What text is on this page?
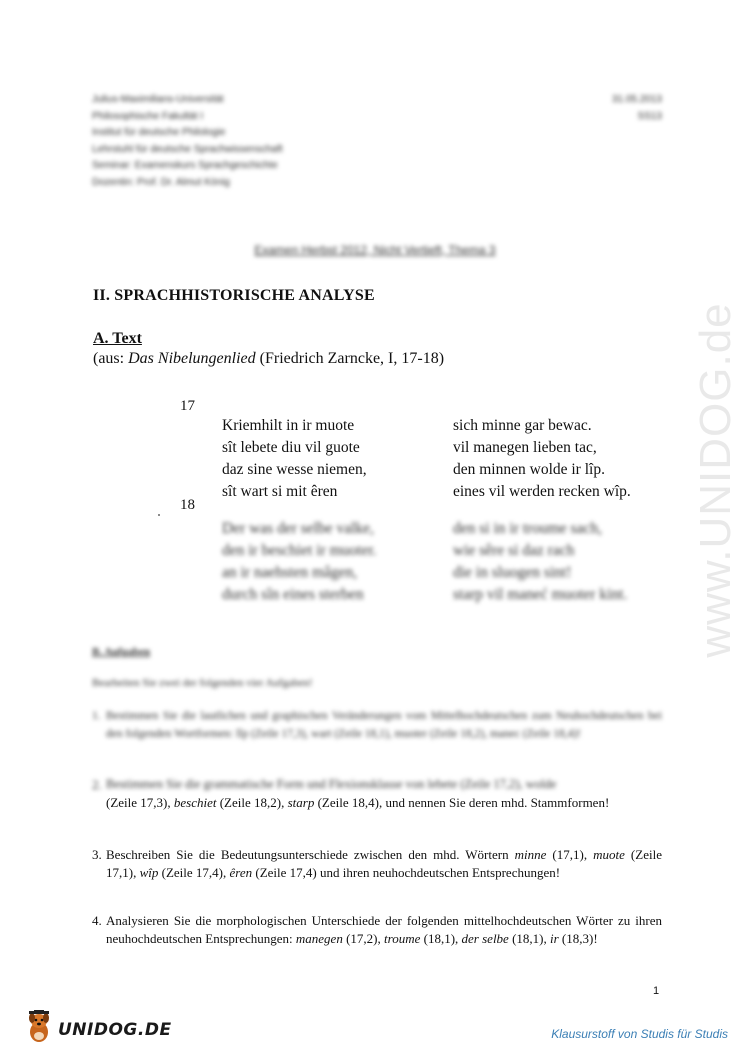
www.UNIDOG.de
Julius-Maximilians-Universität
Philosophische Fakultät I
Institut für deutsche Philologie
Lehrstuhl für deutsche Sprachwissenschaft
Seminar: Examenskurs Sprachgeschichte
Dozentin: Prof. Dr. Almut König
31.05.2013
SS13
Examen Herbst 2012, Nicht Vertieft, Thema 3
II. SPRACHHISTORISCHE ANALYSE
A. Text
(aus: Das Nibelungenlied (Friedrich Zarncke, I, 17-18)
17
Kriemhilt in ir muote
sît lebete diu vil guote
daz sine wesse niemen,
sît wart si mit êren
sich minne gar bewac.
vil manegen lieben tac,
den minnen wolde ir lîp.
eines vil werden recken wîp.
18
Der was der selbe valke,
den ir beschiet ir muoter.
an ir naehsten mâgen,
durch sîn eines sterben
den si in ir troume sach,
wie sêre si daz rach
die in sluogen sint!
starp vil maneć muoter kint.
B. Aufgaben
Bearbeiten Sie zwei der folgenden vier Aufgaben!
1. Bestimmen Sie die lautlichen und graphischen Veränderungen vom Mittelhochdeutschen zum Neuhochdeutschen bei den folgenden Wortformen: lîp (Zeile 17,3), wart (Zeile 18,1), muoter (Zeile 18,2), manec (Zeile 18,4)!
2. Bestimmen Sie die grammatische Form und Flexionsklasse von lebete (Zeile 17,2), wolde
(Zeile 17,3), beschiet (Zeile 18,2), starp (Zeile 18,4), und nennen Sie deren mhd. Stammformen!
3. Beschreiben Sie die Bedeutungsunterschiede zwischen den mhd. Wörtern minne (17,1), muote (Zeile 17,1), wîp (Zeile 17,4), êren (Zeile 17,4) und ihren neuhochdeutschen Entsprechungen!
4. Analysieren Sie die morphologischen Unterschiede der folgenden mittelhochdeutschen Wörter zu ihren neuhochdeutschen Entsprechungen: manegen (17,2), troume (18,1), der selbe (18,1), ir (18,3)!
1
UNIDOG.DE	Klausurstoff von Studis für Studis
